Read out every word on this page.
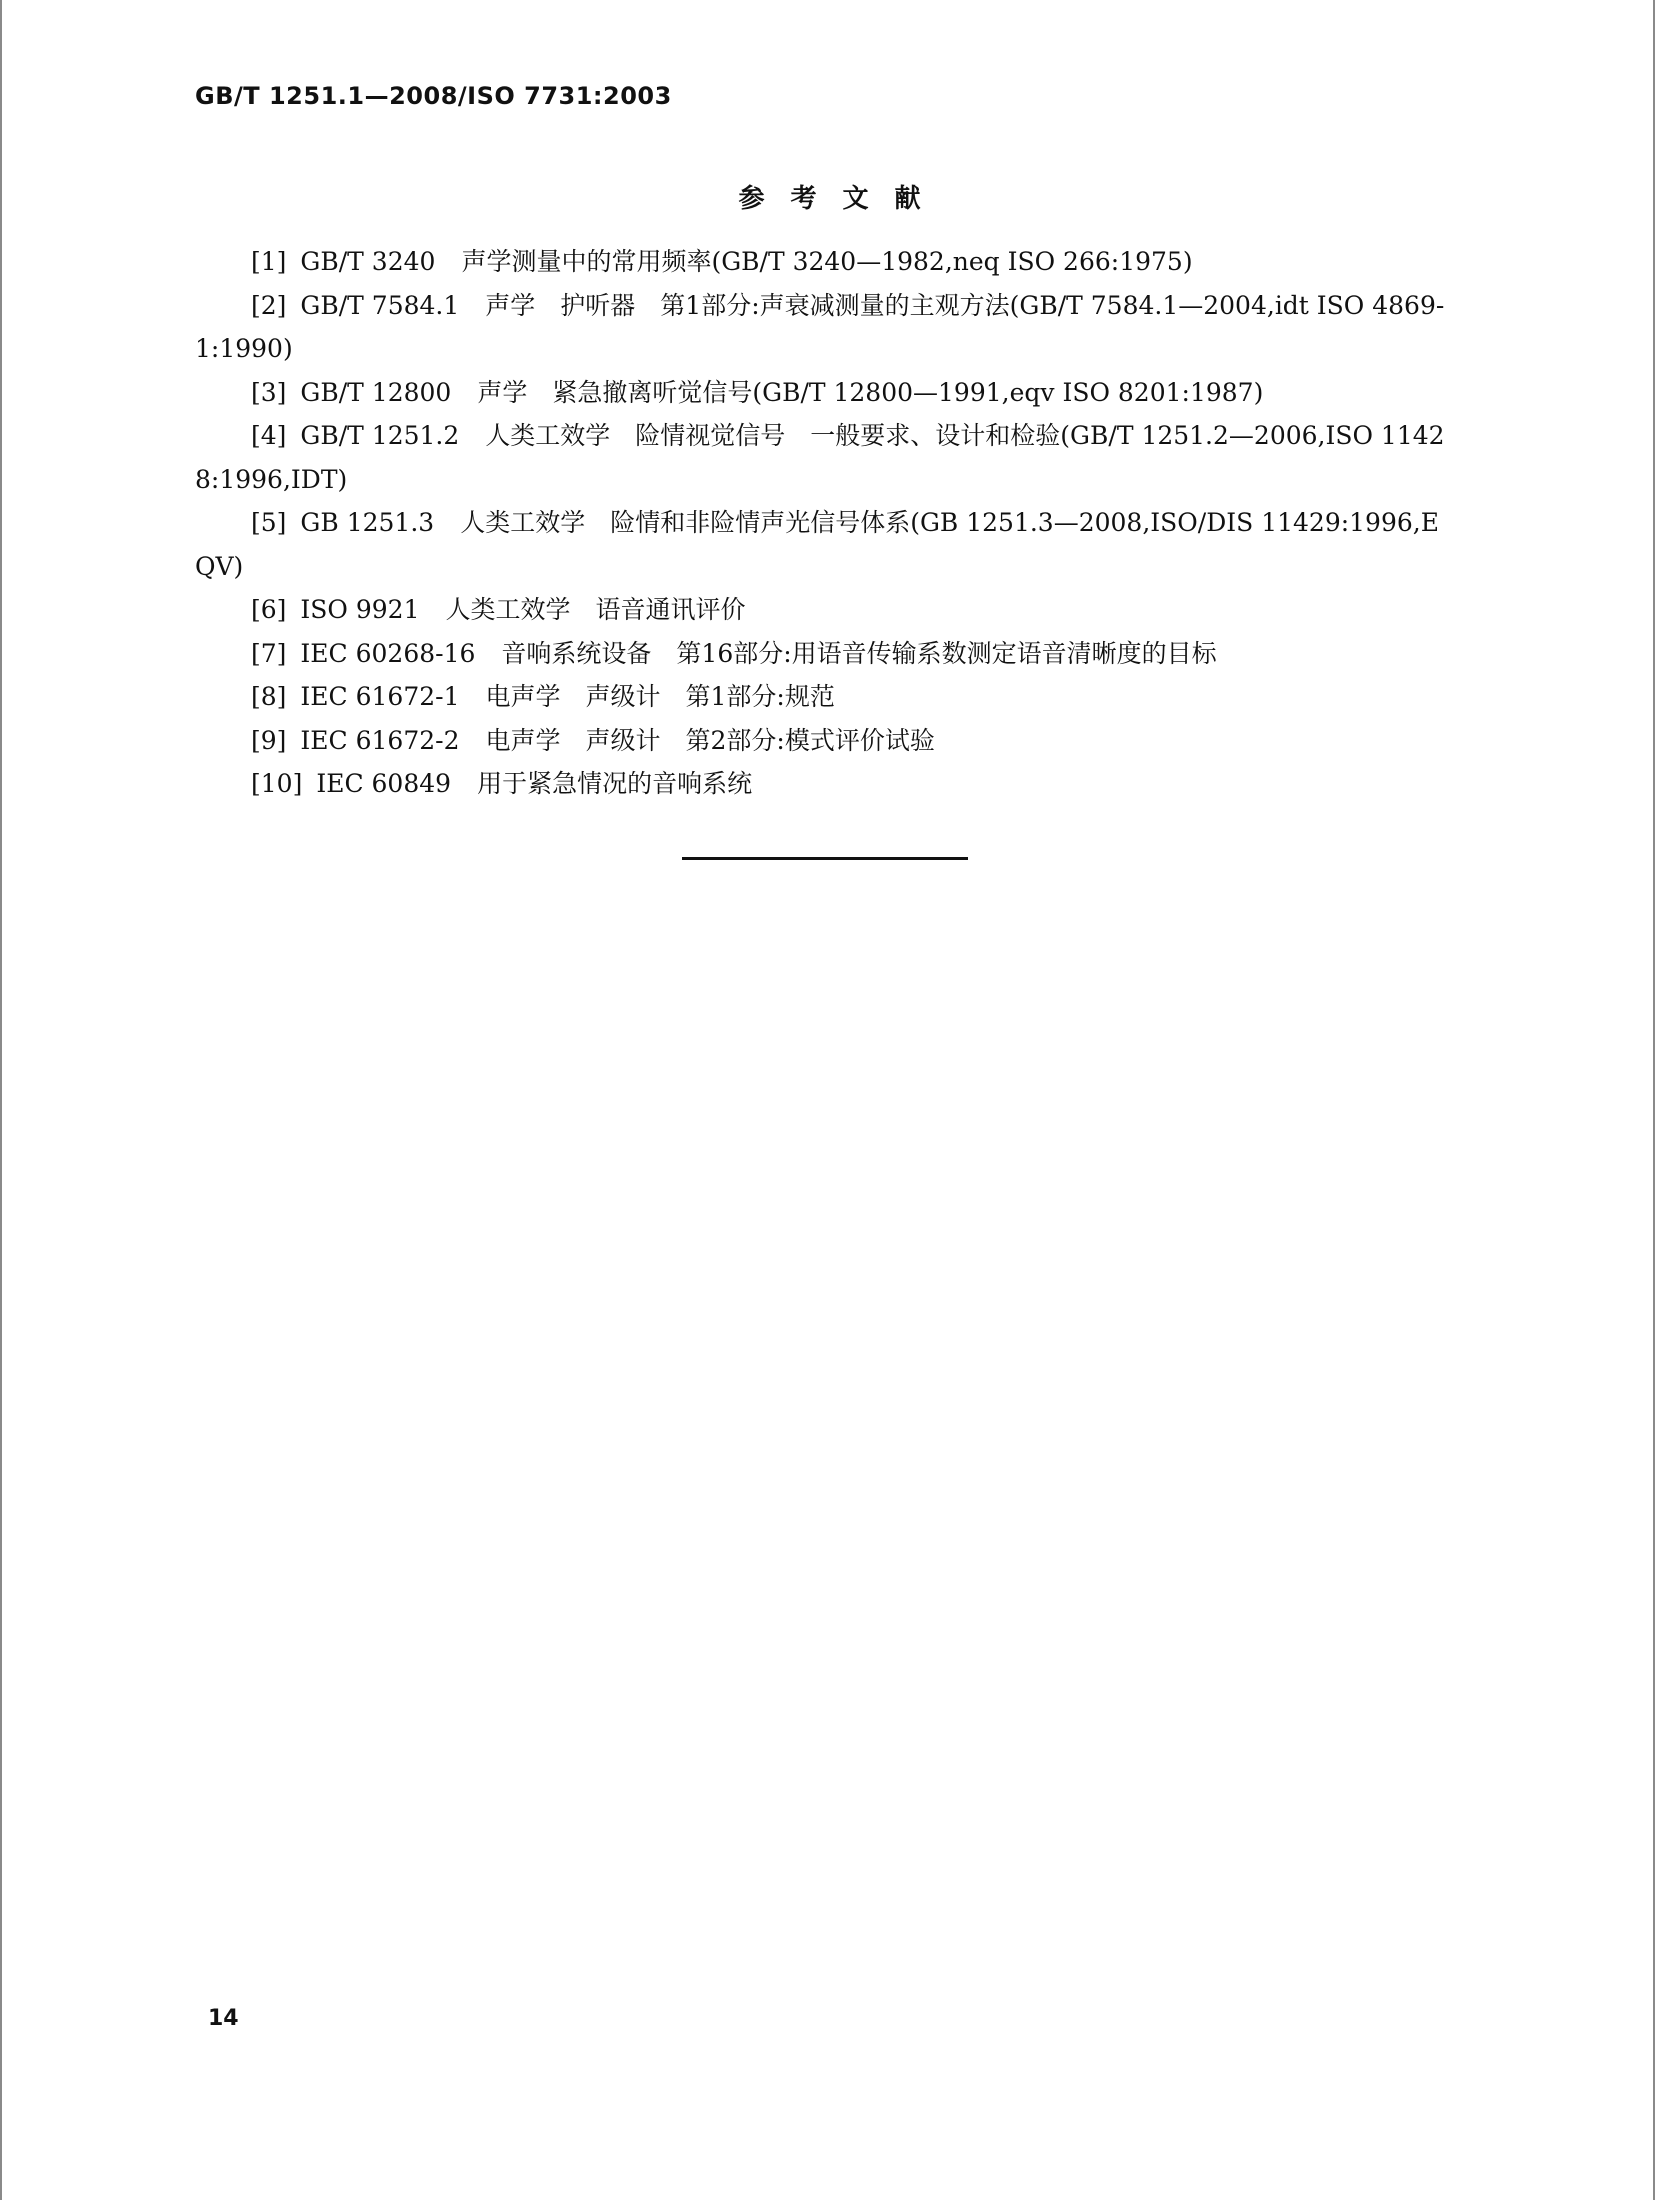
GB/T 1251.1—2008/ISO 7731:2003
参考文献

[1] GB/T 3240 声学测量中的常用频率(GB/T 3240—1982,neq ISO 266:1975)

[2] GB/T 7584.1 声学　护听器　第1部分:声衰减测量的主观方法(GB/T 7584.1—2004,idt ISO 4869-1:1990)

[3] GB/T 12800 声学　紧急撤离听觉信号(GB/T 12800—1991,eqv ISO 8201:1987)

[4] GB/T 1251.2 人类工效学　险情视觉信号　一般要求、设计和检验(GB/T 1251.2—2006,ISO 11428:1996,IDT)

[5] GB 1251.3 人类工效学　险情和非险情声光信号体系(GB 1251.3—2008,ISO/DIS 11429:1996,EQV)

[6] ISO 9921 人类工效学　语音通讯评价

[7] IEC 60268-16 音响系统设备　第16部分:用语音传输系数测定语音清晰度的目标

[8] IEC 61672-1 电声学　声级计　第1部分:规范

[9] IEC 61672-2 电声学　声级计　第2部分:模式评价试验

[10] IEC 60849 用于紧急情况的音响系统

14
